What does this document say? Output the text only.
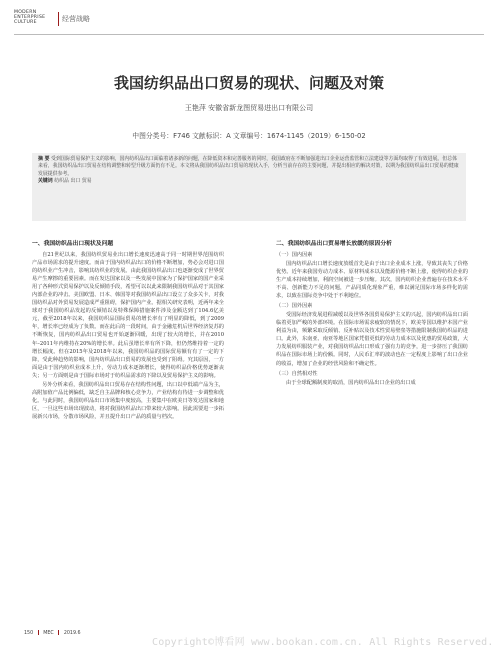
MODERN
ENTERPRISE
CULTURE	经营战略
我国纺织品出口贸易的现状、问题及对策
王艳萍 安徽省新龙图贸易进出口有限公司
中图分类号：F746 文献标识：A 文章编号：1674-1145（2019）6-150-02
摘 要 受到国际贸易保护主义的影响，国内纺织品出口面临着诸多新的问题，在降低资本和完善服务的同时，我国政府在不断加强进出口企业运营监管和立法建设等方面均取得了有效进展。但总体来看，我国纺织品出口贸易在结构调整和转型升级方面仍有不足。本文将从我国纺织品出口贸易的现状入手，分析当前存在的主要问题，并提出相应的解决对策，以期为我国纺织品出口贸易的健康发展提供参考。
关键词 纺织品 出口 贸易
一、我国纺织品出口现状及问题

自21世纪以来，我国纺织贸易业出口增长速度迅速高于同一时期世界范围纺织产品市场需求的提升速度。而由于国内纺织品出口的价格不断增加，势必会对进口国的纺织业产生冲击，影响其纺织业的发展。由此我国纺织品出口也逐渐变成了世界贸易产生摩擦的重要因素。而在发达国家以及一些发展中国家为了保护国家的国产业采用了各种形式贸易保护以及反倾销手段，希望可以以此来限制我国纺织品对于其国家内部企业的冲击。美国欧盟、日本、韩国等对我国纺织品出口设立了众多关卡，对我国纺织品对外贸易发展造成严重阻碍，保护国内产业。据相关研究表明，近两年来全球对于我国纺织品发起的反倾销以及特殊保障措施案件涉及金额达到了104.6亿美元，截至2018年以来，我国纺织品国际贸易的增长率有了明显的降低，到了2009年，增长率已经成为了负数。而在此后的一段时间，由于金融危机后世界经济复苏的不断恢复，国内纺织品出口贸易也开始逐渐回暖，出现了较大的增长，并在2010年–2011年内维持在20%的增长率。此后虽增长率有所下降，但仍然维持着一定的增长幅度。但在2015年及2018年以来，我国纺织品的国际贸易额有有了一定的下降，受此种趋势的影响，国内纺织品出口贸易的发展也受到了阻碍。究其原因，一方面是由于国内纺织业成本上升，劳动力成本逐渐增长，使得纺织品价格优势逐渐丧失；另一方面则是由于国际市场对于纺织品需求的下降以及贸易保护主义的影响。

另外分析来看，我国纺织品出口贸易存在结构性问题，出口以中低端产品为主，高附加值产品比例偏低，缺乏自主品牌和核心竞争力，产业结构有待进一步调整和优化。与此同时，我国纺织品出口市场集中度较高，主要集中在欧美日等发达国家和地区，一旦这些市场出现波动，将对我国纺织品出口带来较大影响。因此需要进一步拓展新兴市场，分散市场风险，并且提升出口产品的质量与档次。

二、我国纺织品出口贸易增长放缓的原因分析
（一）国内因素

国内纺织品出口增长速度放缓首先是由于出口企业成本上涨，导致其丧失了价格优势。近年来我国劳动力成本、原材料成本以及能源价格不断上涨，使得纺织企业的生产成本持续增加，利润空间被进一步压缩。其次，国内纺织企业普遍存在技术水平不高、创新能力不足的问题，产品同质化现象严重，难以满足国际市场多样化的需求，以致在国际竞争中处于不利地位。

（二）国外因素

受国际经济发展进程减缓以及世界各国贸易保护主义的兴起，国内纺织品出口面临着更加严峻的外部环境。在国际市场需求疲软的情况下，欧美等国以维护本国产业利益为由，频繁采取反倾销、反补贴以及技术性贸易壁垒等措施限制我国纺织品的进口。此外，东南亚、南亚等地区国家凭借更低的劳动力成本以及优惠的贸易政策，大力发展纺织服装产业，对我国纺织品出口形成了强有力的竞争，进一步挤压了我国纺织品在国际市场上的份额。同时，人民币汇率的波动也在一定程度上影响了出口企业的收益，增加了企业的经营风险和不确定性。

（三）自然相对性

由于全球配额制度的取消，国内纺织品出口企业的出口成

150 MEC 2019.6
Copyright©博看网 www.bookan.com.cn. All Rights Reserved.
